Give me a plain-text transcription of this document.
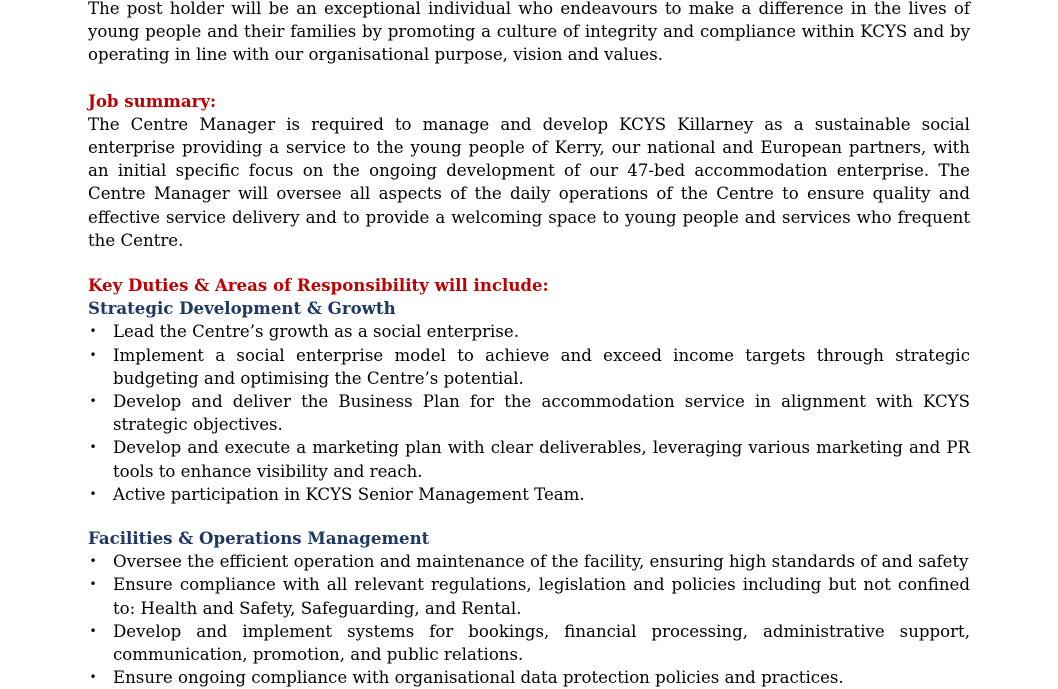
The post holder will be an exceptional individual who endeavours to make a difference in the lives of young people and their families by promoting a culture of integrity and compliance within KCYS and by operating in line with our organisational purpose, vision and values.

Job summary:

The Centre Manager is required to manage and develop KCYS Killarney as a sustainable social enterprise providing a service to the young people of Kerry, our national and European partners, with an initial specific focus on the ongoing development of our 47-bed accommodation enterprise. The Centre Manager will oversee all aspects of the daily operations of the Centre to ensure quality and effective service delivery and to provide a welcoming space to young people and services who frequent the Centre.

Key Duties & Areas of Responsibility will include:

Strategic Development & Growth

• Lead the Centre’s growth as a social enterprise.
• Implement a social enterprise model to achieve and exceed income targets through strategic budgeting and optimising the Centre’s potential.
• Develop and deliver the Business Plan for the accommodation service in alignment with KCYS strategic objectives.
• Develop and execute a marketing plan with clear deliverables, leveraging various marketing and PR tools to enhance visibility and reach.
• Active participation in KCYS Senior Management Team.

Facilities & Operations Management

• Oversee the efficient operation and maintenance of the facility, ensuring high standards of and safety
• Ensure compliance with all relevant regulations, legislation and policies including but not confined to: Health and Safety, Safeguarding, and Rental.
• Develop and implement systems for bookings, financial processing, administrative support, communication, promotion, and public relations.
• Ensure ongoing compliance with organisational data protection policies and practices.
